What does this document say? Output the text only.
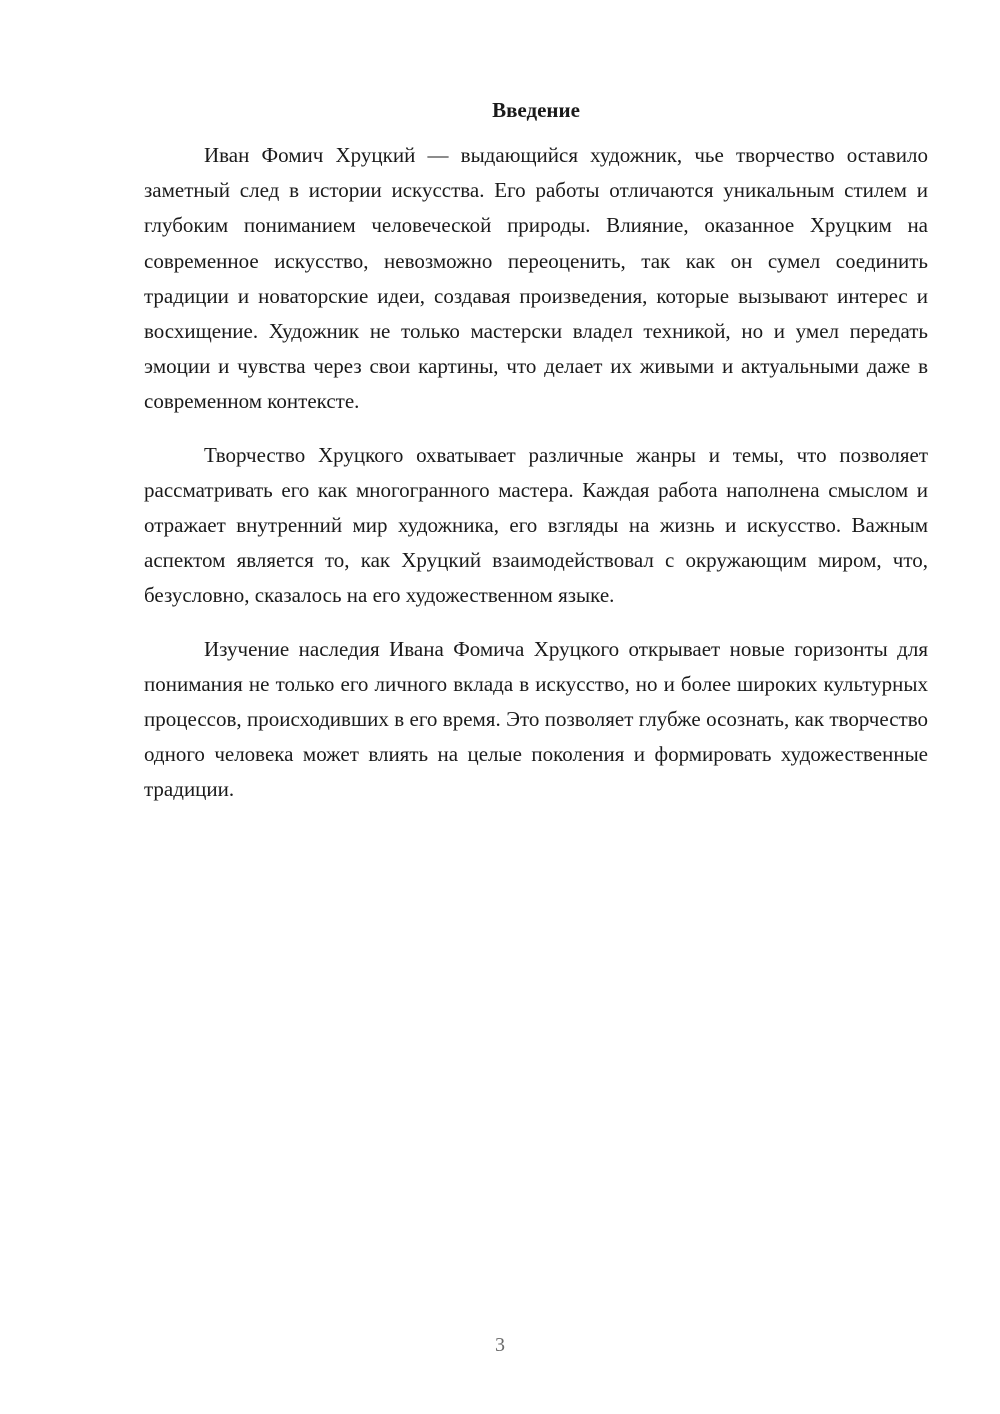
Введение

Иван Фомич Хруцкий — выдающийся художник, чье творчество оставило заметный след в истории искусства. Его работы отличаются уникальным стилем и глубоким пониманием человеческой природы. Влияние, оказанное Хруцким на современное искусство, невозможно переоценить, так как он сумел соединить традиции и новаторские идеи, создавая произведения, которые вызывают интерес и восхищение. Художник не только мастерски владел техникой, но и умел передать эмоции и чувства через свои картины, что делает их живыми и актуальными даже в современном контексте.

Творчество Хруцкого охватывает различные жанры и темы, что позволяет рассматривать его как многогранного мастера. Каждая работа наполнена смыслом и отражает внутренний мир художника, его взгляды на жизнь и искусство. Важным аспектом является то, как Хруцкий взаимодействовал с окружающим миром, что, безусловно, сказалось на его художественном языке.

Изучение наследия Ивана Фомича Хруцкого открывает новые горизонты для понимания не только его личного вклада в искусство, но и более широких культурных процессов, происходивших в его время. Это позволяет глубже осознать, как творчество одного человека может влиять на целые поколения и формировать художественные традиции.

3
